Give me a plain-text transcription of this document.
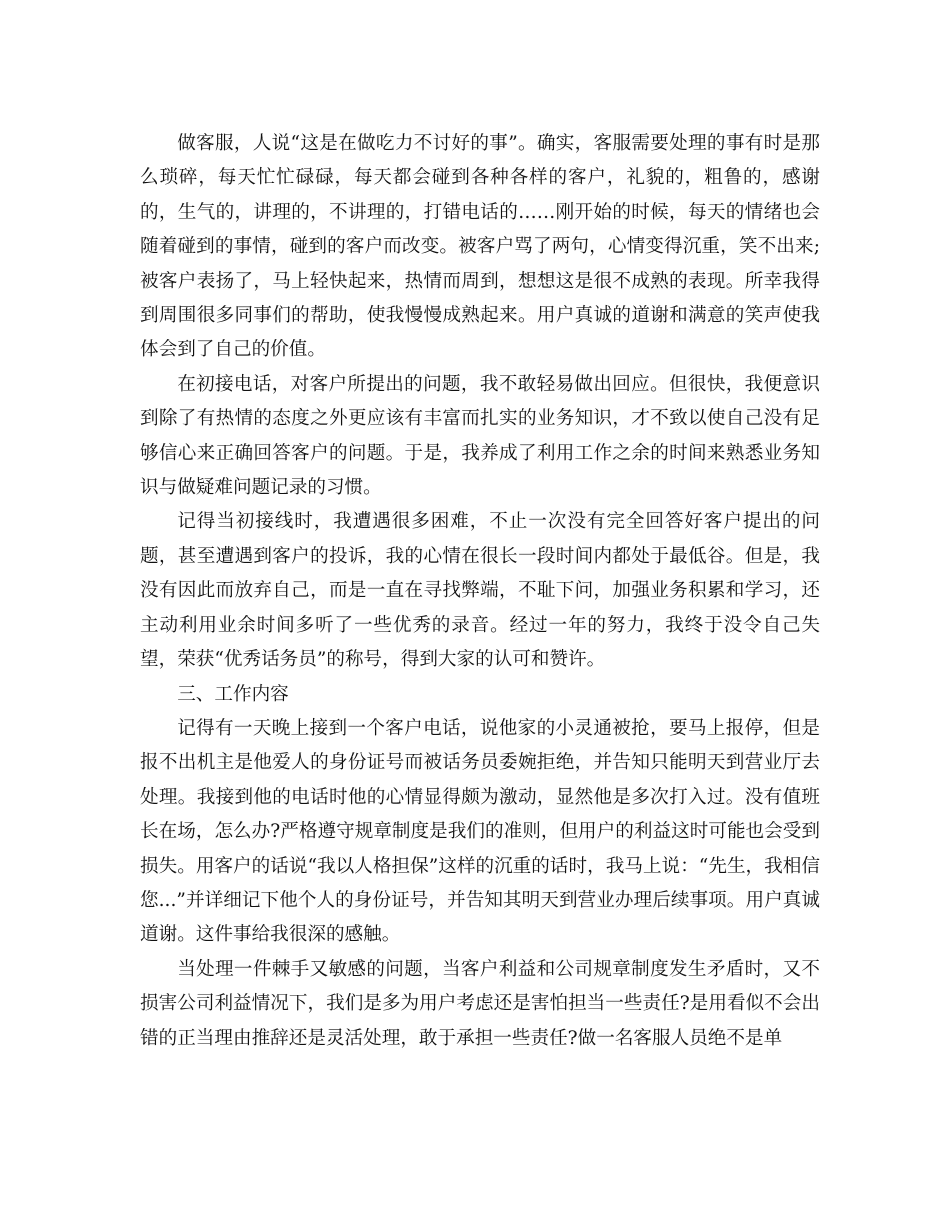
做客服，人说“这是在做吃力不讨好的事”。确实，客服需要处理的事有时是那么琐碎，每天忙忙碌碌，每天都会碰到各种各样的客户，礼貌的，粗鲁的，感谢的，生气的，讲理的，不讲理的，打错电话的……刚开始的时候，每天的情绪也会随着碰到的事情，碰到的客户而改变。被客户骂了两句，心情变得沉重，笑不出来;被客户表扬了，马上轻快起来，热情而周到，想想这是很不成熟的表现。所幸我得到周围很多同事们的帮助，使我慢慢成熟起来。用户真诚的道谢和满意的笑声使我体会到了自己的价值。

在初接电话，对客户所提出的问题，我不敢轻易做出回应。但很快，我便意识到除了有热情的态度之外更应该有丰富而扎实的业务知识，才不致以使自己没有足够信心来正确回答客户的问题。于是，我养成了利用工作之余的时间来熟悉业务知识与做疑难问题记录的习惯。

记得当初接线时，我遭遇很多困难，不止一次没有完全回答好客户提出的问题，甚至遭遇到客户的投诉，我的心情在很长一段时间内都处于最低谷。但是，我没有因此而放弃自己，而是一直在寻找弊端，不耻下问，加强业务积累和学习，还主动利用业余时间多听了一些优秀的录音。经过一年的努力，我终于没令自己失望，荣获“优秀话务员”的称号，得到大家的认可和赞许。

三、工作内容

记得有一天晚上接到一个客户电话，说他家的小灵通被抢，要马上报停，但是报不出机主是他爱人的身份证号而被话务员委婉拒绝，并告知只能明天到营业厅去处理。我接到他的电话时他的心情显得颇为激动，显然他是多次打入过。没有值班长在场，怎么办?严格遵守规章制度是我们的准则，但用户的利益这时可能也会受到损失。用客户的话说“我以人格担保”这样的沉重的话时，我马上说：“先生，我相信您...”并详细记下他个人的身份证号，并告知其明天到营业办理后续事项。用户真诚道谢。这件事给我很深的感触。

当处理一件棘手又敏感的问题，当客户利益和公司规章制度发生矛盾时，又不损害公司利益情况下，我们是多为用户考虑还是害怕担当一些责任?是用看似不会出错的正当理由推辞还是灵活处理，敢于承担一些责任?做一名客服人员绝不是单
